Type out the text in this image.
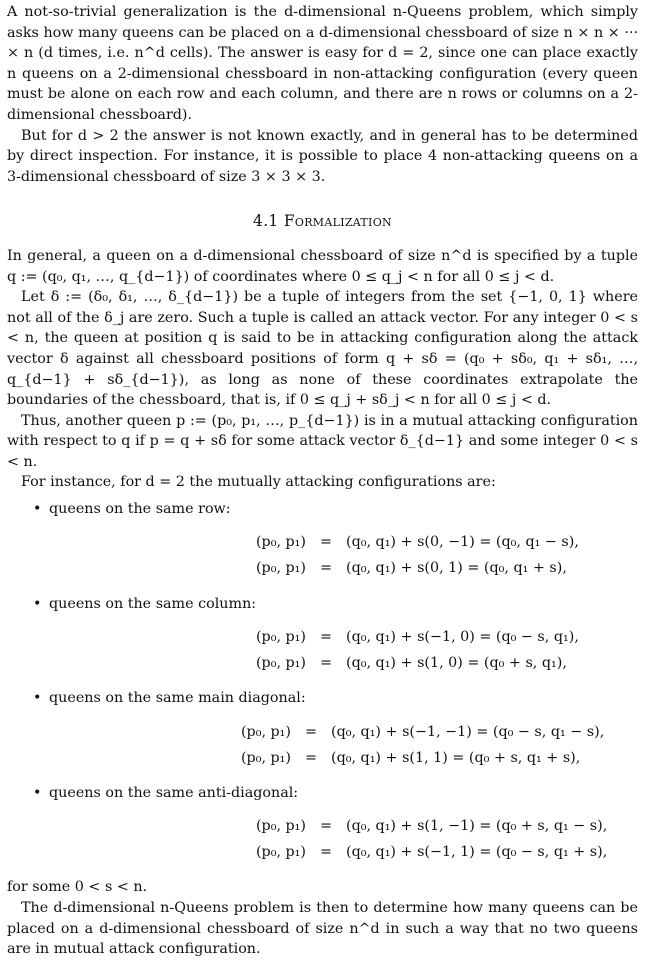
A not-so-trivial generalization is the d-dimensional n-Queens problem, which simply asks how many queens can be placed on a d-dimensional chessboard of size n × n × ··· × n (d times, i.e. n^d cells). The answer is easy for d = 2, since one can place exactly n queens on a 2-dimensional chessboard in non-attacking configuration (every queen must be alone on each row and each column, and there are n rows or columns on a 2-dimensional chessboard).

But for d > 2 the answer is not known exactly, and in general has to be determined by direct inspection. For instance, it is possible to place 4 non-attacking queens on a 3-dimensional chessboard of size 3 × 3 × 3.

4.1 Formalization

In general, a queen on a d-dimensional chessboard of size n^d is specified by a tuple q := (q₀, q₁, …, q_{d−1}) of coordinates where 0 ≤ q_j < n for all 0 ≤ j < d.

Let δ := (δ₀, δ₁, …, δ_{d−1}) be a tuple of integers from the set {−1, 0, 1} where not all of the δ_j are zero. Such a tuple is called an attack vector. For any integer 0 < s < n, the queen at position q is said to be in attacking configuration along the attack vector δ against all chessboard positions of form q + sδ = (q₀ + sδ₀, q₁ + sδ₁, …, q_{d−1} + sδ_{d−1}), as long as none of these coordinates extrapolate the boundaries of the chessboard, that is, if 0 ≤ q_j + sδ_j < n for all 0 ≤ j < d.

Thus, another queen p := (p₀, p₁, …, p_{d−1}) is in a mutual attacking configuration with respect to q if p = q + sδ for some attack vector δ_{d−1} and some integer 0 < s < n.

For instance, for d = 2 the mutually attacking configurations are:

• queens on the same row:
(p₀, p₁) = (q₀, q₁) + s(0, −1) = (q₀, q₁ − s),
(p₀, p₁) = (q₀, q₁) + s(0, 1) = (q₀, q₁ + s),
• queens on the same column:
(p₀, p₁) = (q₀, q₁) + s(−1, 0) = (q₀ − s, q₁),
(p₀, p₁) = (q₀, q₁) + s(1, 0) = (q₀ + s, q₁),
• queens on the same main diagonal:
(p₀, p₁) = (q₀, q₁) + s(−1, −1) = (q₀ − s, q₁ − s),
(p₀, p₁) = (q₀, q₁) + s(1, 1) = (q₀ + s, q₁ + s),
• queens on the same anti-diagonal:
(p₀, p₁) = (q₀, q₁) + s(1, −1) = (q₀ + s, q₁ − s),
(p₀, p₁) = (q₀, q₁) + s(−1, 1) = (q₀ − s, q₁ + s),

for some 0 < s < n.

The d-dimensional n-Queens problem is then to determine how many queens can be placed on a d-dimensional chessboard of size n^d in such a way that no two queens are in mutual attack configuration.
